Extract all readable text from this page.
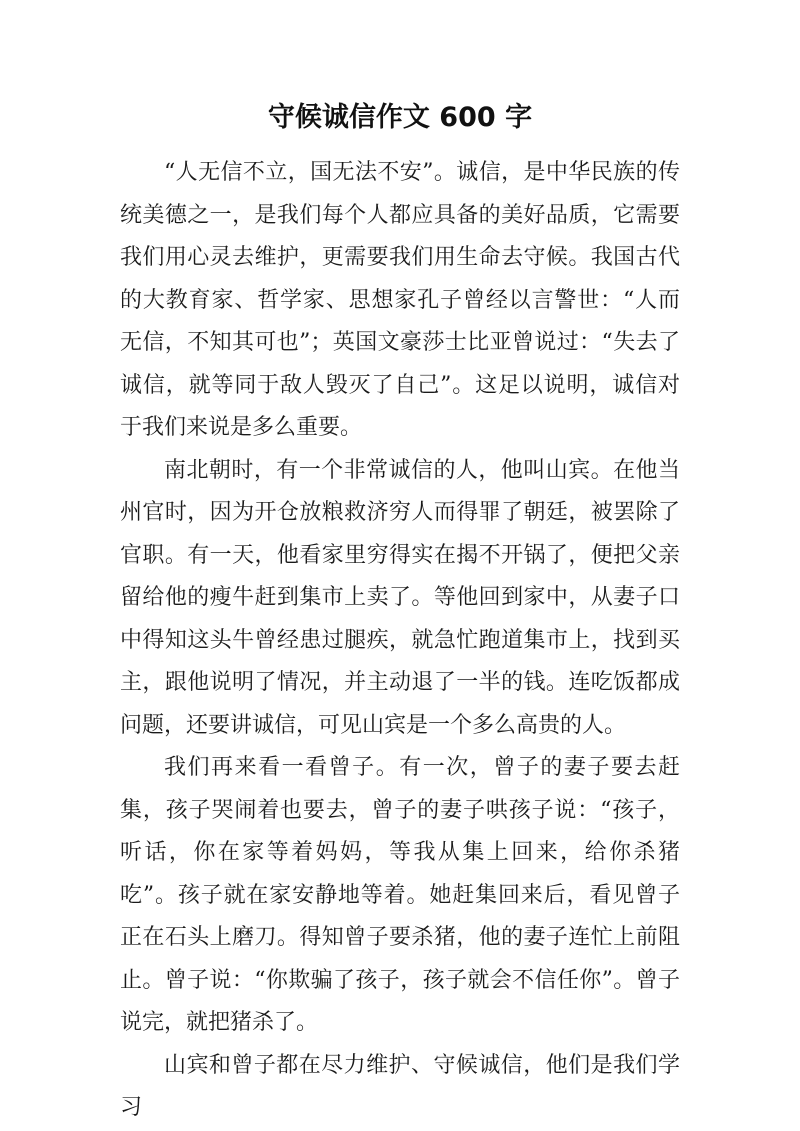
守候诚信作文 600 字

“人无信不立，国无法不安”。诚信，是中华民族的传统美德之一，是我们每个人都应具备的美好品质，它需要我们用心灵去维护，更需要我们用生命去守候。我国古代的大教育家、哲学家、思想家孔子曾经以言警世：“人而无信，不知其可也”；英国文豪莎士比亚曾说过：“失去了诚信，就等同于敌人毁灭了自己”。这足以说明，诚信对于我们来说是多么重要。

南北朝时，有一个非常诚信的人，他叫山宾。在他当州官时，因为开仓放粮救济穷人而得罪了朝廷，被罢除了官职。有一天，他看家里穷得实在揭不开锅了，便把父亲留给他的瘦牛赶到集市上卖了。等他回到家中，从妻子口中得知这头牛曾经患过腿疾，就急忙跑道集市上，找到买主，跟他说明了情况，并主动退了一半的钱。连吃饭都成问题，还要讲诚信，可见山宾是一个多么高贵的人。

我们再来看一看曾子。有一次，曾子的妻子要去赶集，孩子哭闹着也要去，曾子的妻子哄孩子说：“孩子，听话，你在家等着妈妈，等我从集上回来，给你杀猪吃”。孩子就在家安静地等着。她赶集回来后，看见曾子正在石头上磨刀。得知曾子要杀猪，他的妻子连忙上前阻止。曾子说：“你欺骗了孩子，孩子就会不信任你”。曾子说完，就把猪杀了。

山宾和曾子都在尽力维护、守候诚信，他们是我们学习
